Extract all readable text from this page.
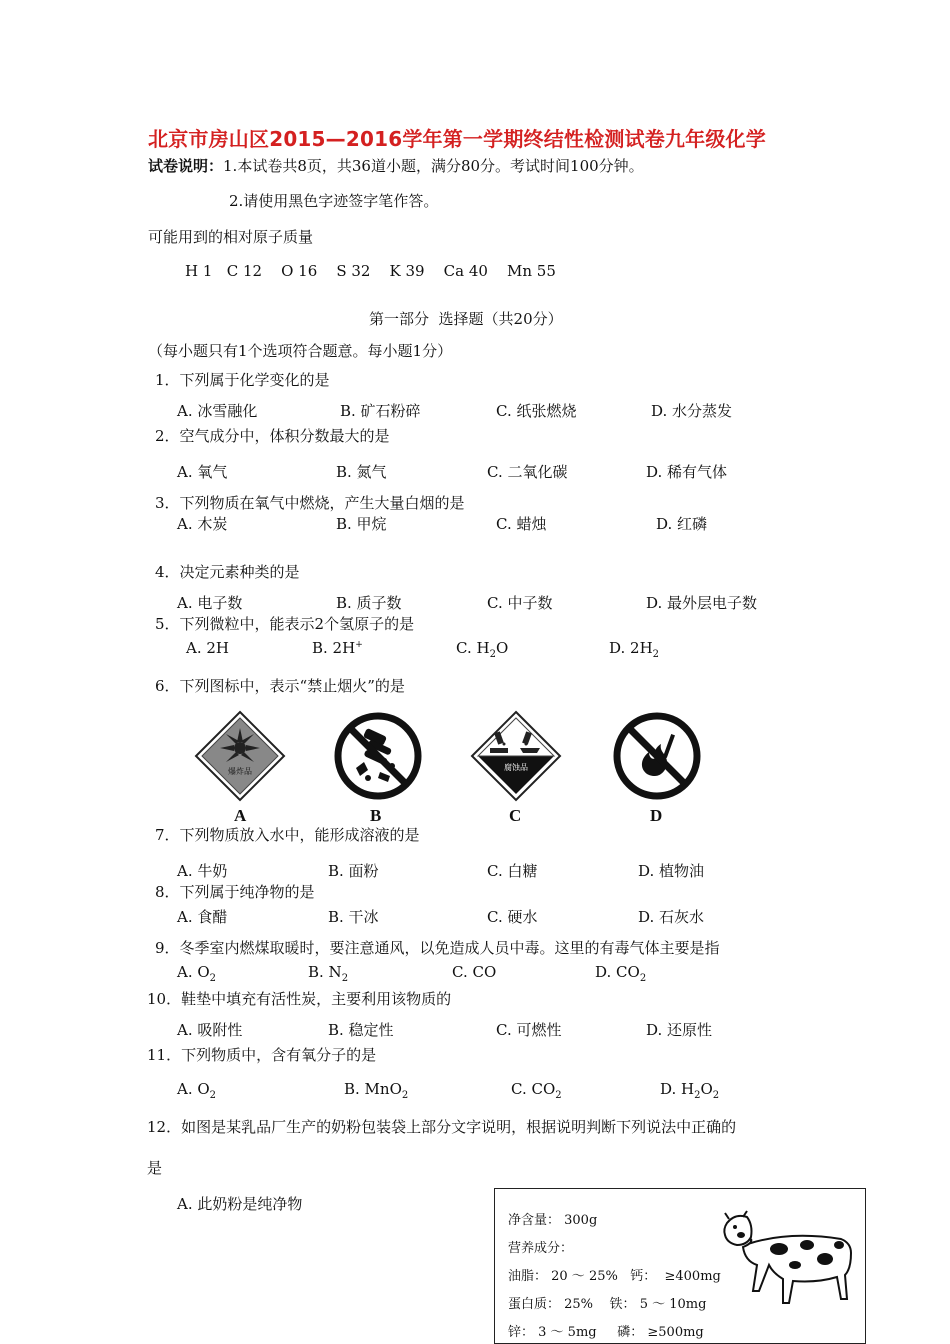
北京市房山区2015—2016学年第一学期终结性检测试卷九年级化学
试卷说明：1.本试卷共8页，共36道小题，满分80分。考试时间100分钟。
2.请使用黑色字迹签字笔作答。
可能用到的相对原子质量
H 1   C 12    O 16    S 32    K 39    Ca 40    Mn 55
第一部分  选择题（共20分）
（每小题只有1个选项符合题意。每小题1分）
1．下列属于化学变化的是
A. 冰雪融化	B. 矿石粉碎	C. 纸张燃烧	D. 水分蒸发
2．空气成分中，体积分数最大的是
A. 氧气	B. 氮气	C. 二氧化碳	D. 稀有气体
3．下列物质在氧气中燃烧，产生大量白烟的是
A. 木炭	B. 甲烷	C. 蜡烛	D. 红磷
4．决定元素种类的是
A. 电子数	B. 质子数	C. 中子数	D. 最外层电子数
5．下列微粒中，能表示2个氢原子的是
A. 2H	B. 2H+	C. $H_2O$	D. $2H_2$
6．下列图标中，表示“禁止烟火”的是
爆炸品	腐蚀品
A	B	C	D
7．下列物质放入水中，能形成溶液的是
A. 牛奶	B. 面粉	C. 白糖	D. 植物油
8．下列属于纯净物的是
A. 食醋	B. 干冰	C. 硬水	D. 石灰水
9．冬季室内燃煤取暖时，要注意通风，以免造成人员中毒。这里的有毒气体主要是指
A. $O_2$	B. $N_2$	C. CO	D. $CO_2$
10．鞋垫中填充有活性炭，主要利用该物质的
A. 吸附性	B. 稳定性	C. 可燃性	D. 还原性
11．下列物质中，含有氧分子的是
A. $O_2$	B. MnO$_2$	C. $CO_2$	D. $H_2O_2$
12．如图是某乳品厂生产的奶粉包装袋上部分文字说明，根据说明判断下列说法中正确的
是
A. 此奶粉是纯净物
净含量： 300g
营养成分：
油脂： 20 ～ 25%   钙：  ≥400mg
蛋白质： 25%    铁： 5 ～ 10mg
锌： 3 ～ 5mg     磷： ≥500mg
